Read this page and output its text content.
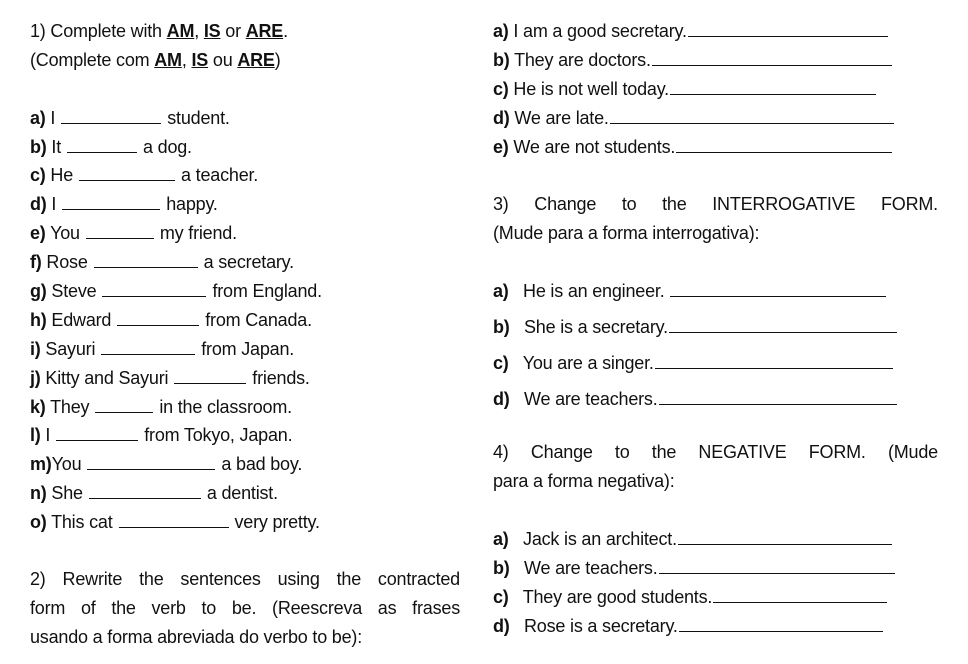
1) Complete with AM, IS or ARE.
(Complete com AM, IS ou ARE)
a) I	student.
b) It	a dog.
c) He	a teacher.
d) I	happy.
e) You	my friend.
f) Rose	a secretary.
g) Steve	from England.
h) Edward	from Canada.
i) Sayuri	from Japan.
j) Kitty and Sayuri	friends.
k) They	in the classroom.
l) I	from Tokyo, Japan.
m)You	a bad boy.
n) She	a dentist.
o) This cat	very pretty.
2) Rewrite the sentences using the contracted
form of the verb to be. (Reescreva as frases
usando a forma abreviada do verbo to be):
a) I am a good secretary.
b) They are doctors.
c) He is not well today.
d) We are late.
e) We are not students.
3) Change to the INTERROGATIVE FORM.
(Mude para a forma interrogativa):
a) He is an engineer.
b) She is a secretary.
c) You are a singer.
d) We are teachers.
4) Change to the NEGATIVE FORM. (Mude
para a forma negativa):
a) Jack is an architect.
b) We are teachers.
c) They are good students.
d) Rose is a secretary.
